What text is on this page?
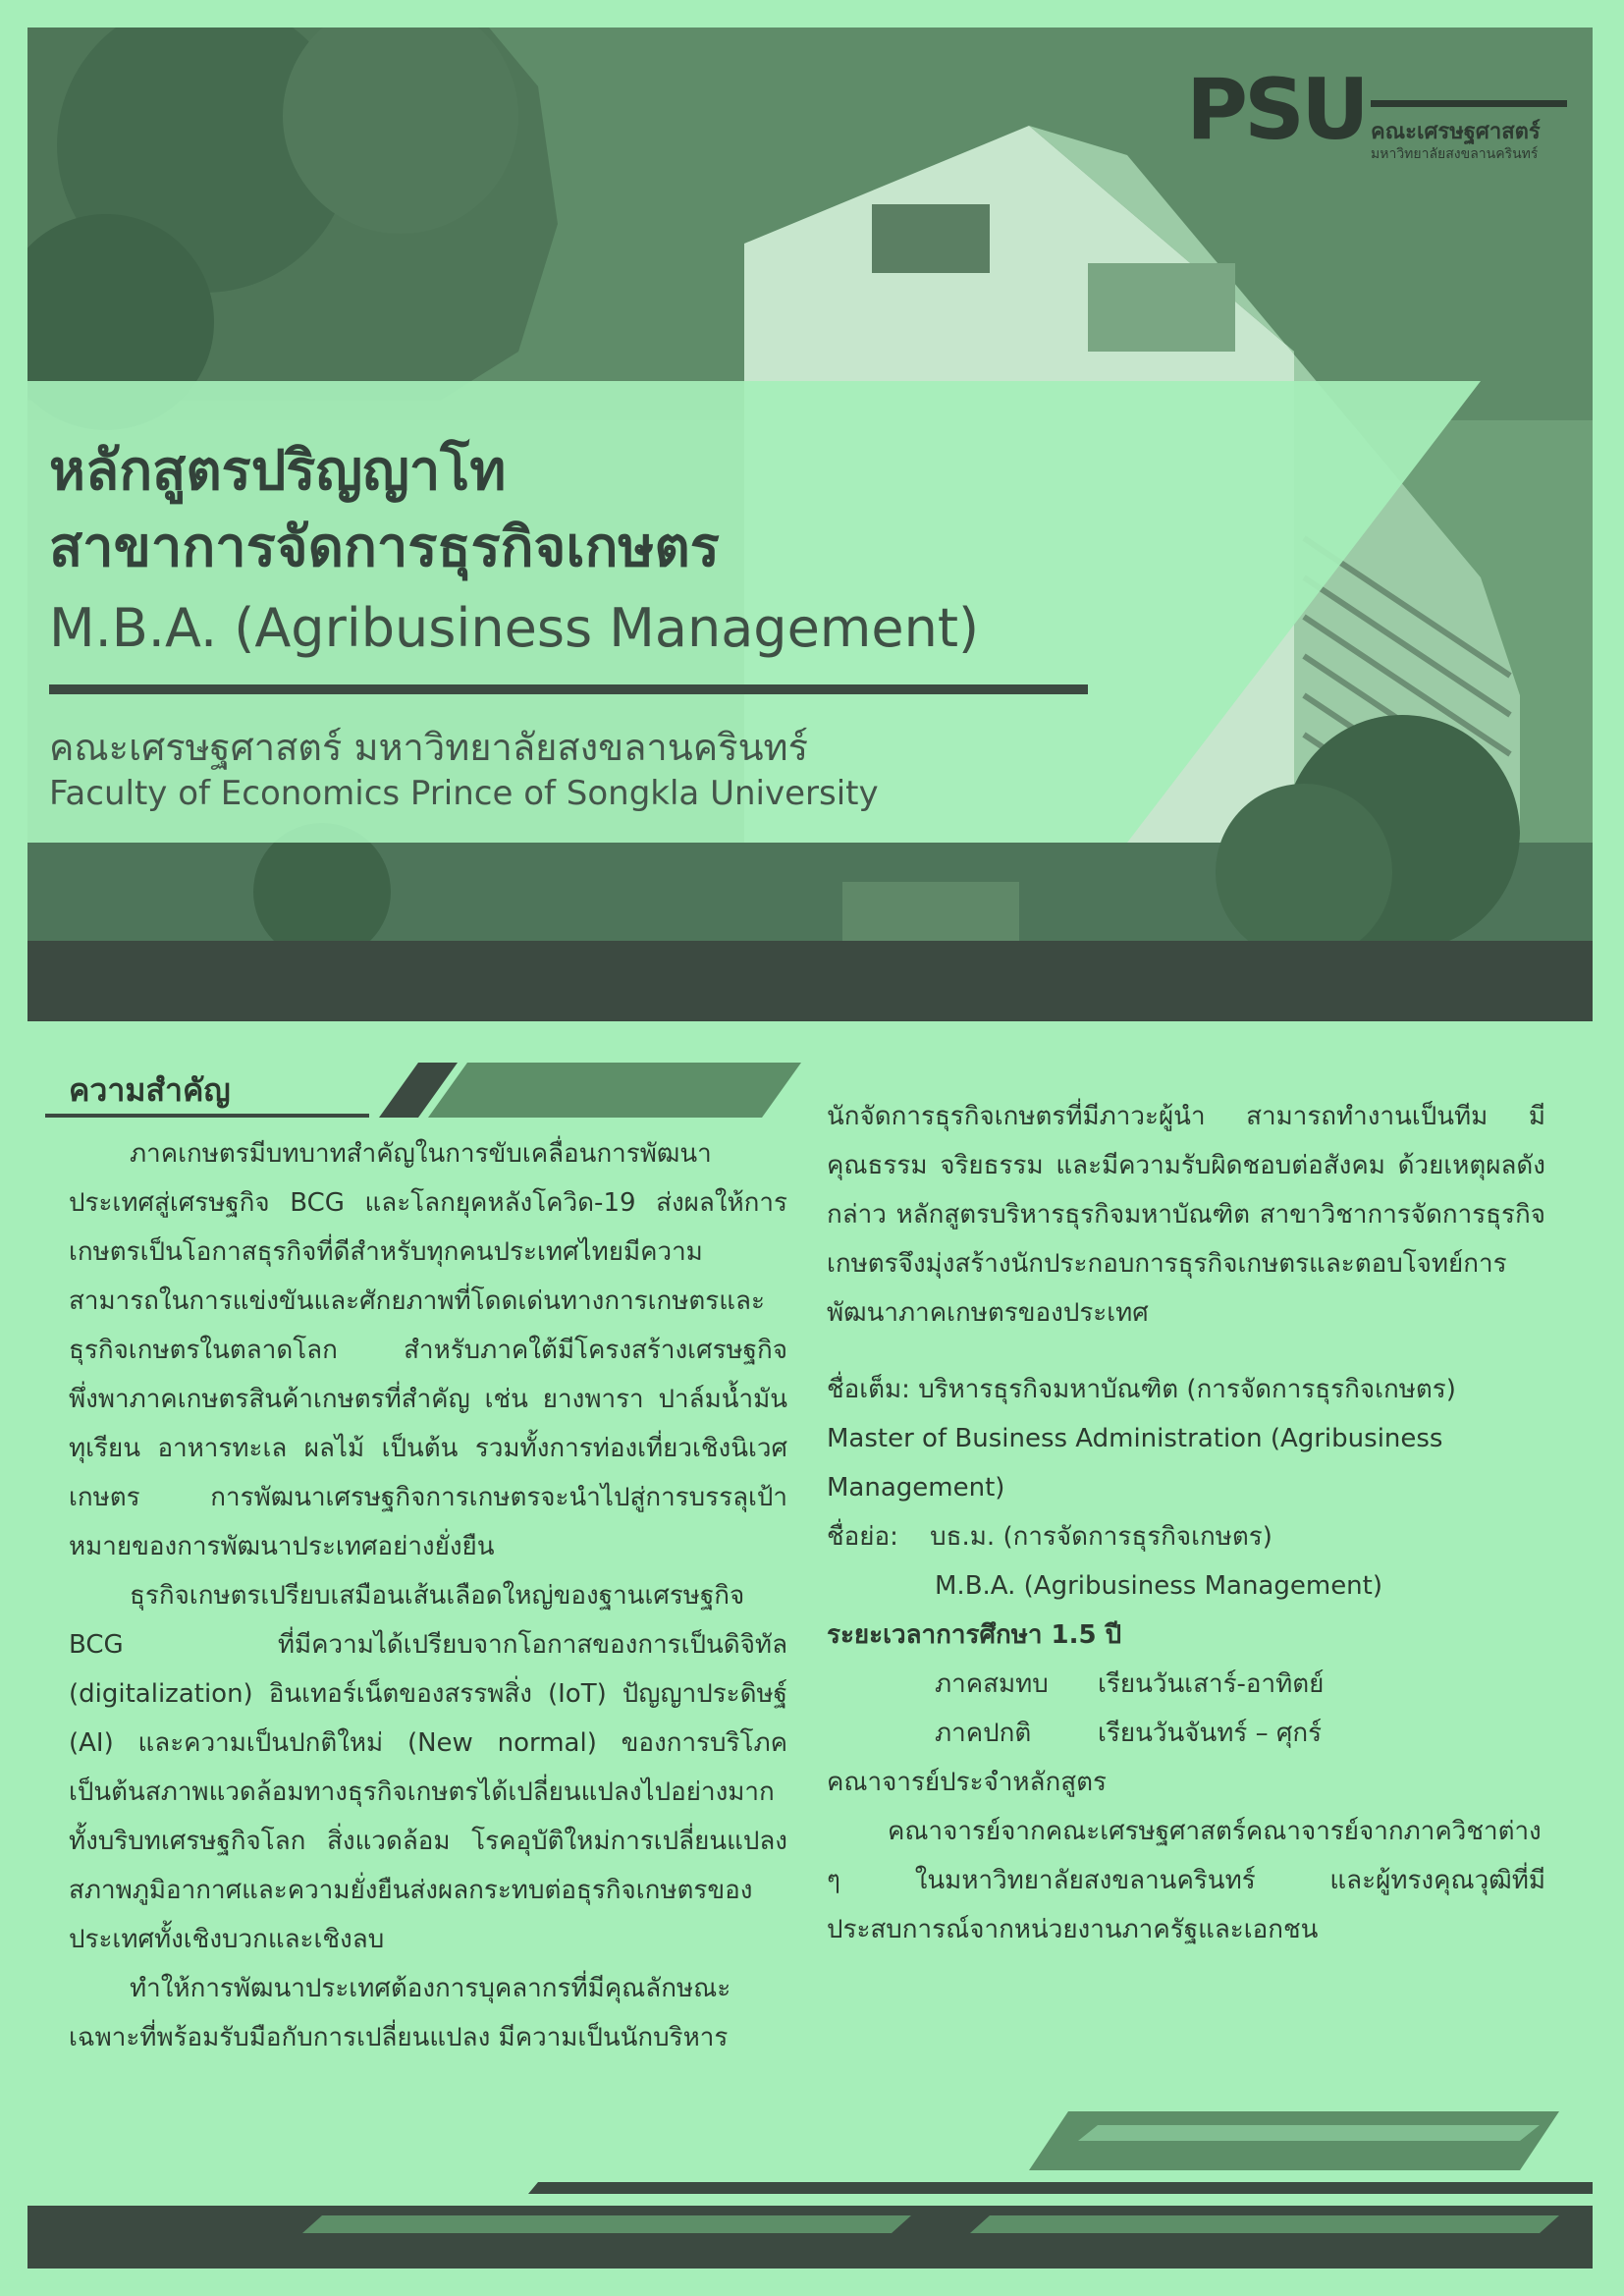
PSU คณะเศรษฐศาสตร์
มหาวิทยาลัยสงขลานครินทร์
หลักสูตรปริญญาโท
สาขาการจัดการธุรกิจเกษตร
M.B.A. (Agribusiness Management)
คณะเศรษฐศาสตร์ มหาวิทยาลัยสงขลานครินทร์
Faculty of Economics Prince of Songkla University
ความสำคัญ

ภาคเกษตรมีบทบาทสำคัญในการขับเคลื่อนการพัฒนาประเทศสู่เศรษฐกิจ BCG และโลกยุคหลังโควิด-19 ส่งผลให้การเกษตรเป็นโอกาสธุรกิจที่ดีสำหรับทุกคนประเทศไทยมีความสามารถในการแข่งขันและศักยภาพที่โดดเด่นทางการเกษตรและธุรกิจเกษตรในตลาดโลก สำหรับภาคใต้มีโครงสร้างเศรษฐกิจพึ่งพาภาคเกษตรสินค้าเกษตรที่สำคัญ เช่น ยางพารา ปาล์มน้ำมัน ทุเรียน อาหารทะเล ผลไม้ เป็นต้น รวมทั้งการท่องเที่ยวเชิงนิเวศเกษตร การพัฒนาเศรษฐกิจการเกษตรจะนำไปสู่การบรรลุเป้าหมายของการพัฒนาประเทศอย่างยั่งยืน

ธุรกิจเกษตรเปรียบเสมือนเส้นเลือดใหญ่ของฐานเศรษฐกิจ BCG ที่มีความได้เปรียบจากโอกาสของการเป็นดิจิทัล (digitalization) อินเทอร์เน็ตของสรรพสิ่ง (IoT) ปัญญาประดิษฐ์ (AI) และความเป็นปกติใหม่ (New normal) ของการบริโภคเป็นต้นสภาพแวดล้อมทางธุรกิจเกษตรได้เปลี่ยนแปลงไปอย่างมาก ทั้งบริบทเศรษฐกิจโลก สิ่งแวดล้อม โรคอุบัติใหม่การเปลี่ยนแปลงสภาพภูมิอากาศและความยั่งยืนส่งผลกระทบต่อธุรกิจเกษตรของประเทศทั้งเชิงบวกและเชิงลบ

ทำให้การพัฒนาประเทศต้องการบุคลากรที่มีคุณลักษณะเฉพาะที่พร้อมรับมือกับการเปลี่ยนแปลง มีความเป็นนักบริหาร

นักจัดการธุรกิจเกษตรที่มีภาวะผู้นำ สามารถทำงานเป็นทีม มีคุณธรรม จริยธรรม และมีความรับผิดชอบต่อสังคม ด้วยเหตุผลดังกล่าว หลักสูตรบริหารธุรกิจมหาบัณฑิต สาขาวิชาการจัดการธุรกิจเกษตรจึงมุ่งสร้างนักประกอบการธุรกิจเกษตรและตอบโจทย์การพัฒนาภาคเกษตรของประเทศ

ชื่อเต็ม: บริหารธุรกิจมหาบัณฑิต (การจัดการธุรกิจเกษตร)
Master of Business Administration (Agribusiness
Management)
ชื่อย่อ: บธ.ม. (การจัดการธุรกิจเกษตร)
M.B.A. (Agribusiness Management)
ระยะเวลาการศึกษา 1.5 ปี
ภาคสมทบ เรียนวันเสาร์-อาทิตย์
ภาคปกติ	เรียนวันจันทร์ – ศุกร์
คณาจารย์ประจำหลักสูตร

คณาจารย์จากคณะเศรษฐศาสตร์คณาจารย์จากภาควิชาต่าง ๆ ในมหาวิทยาลัยสงขลานครินทร์ และผู้ทรงคุณวุฒิที่มีประสบการณ์จากหน่วยงานภาครัฐและเอกชน
